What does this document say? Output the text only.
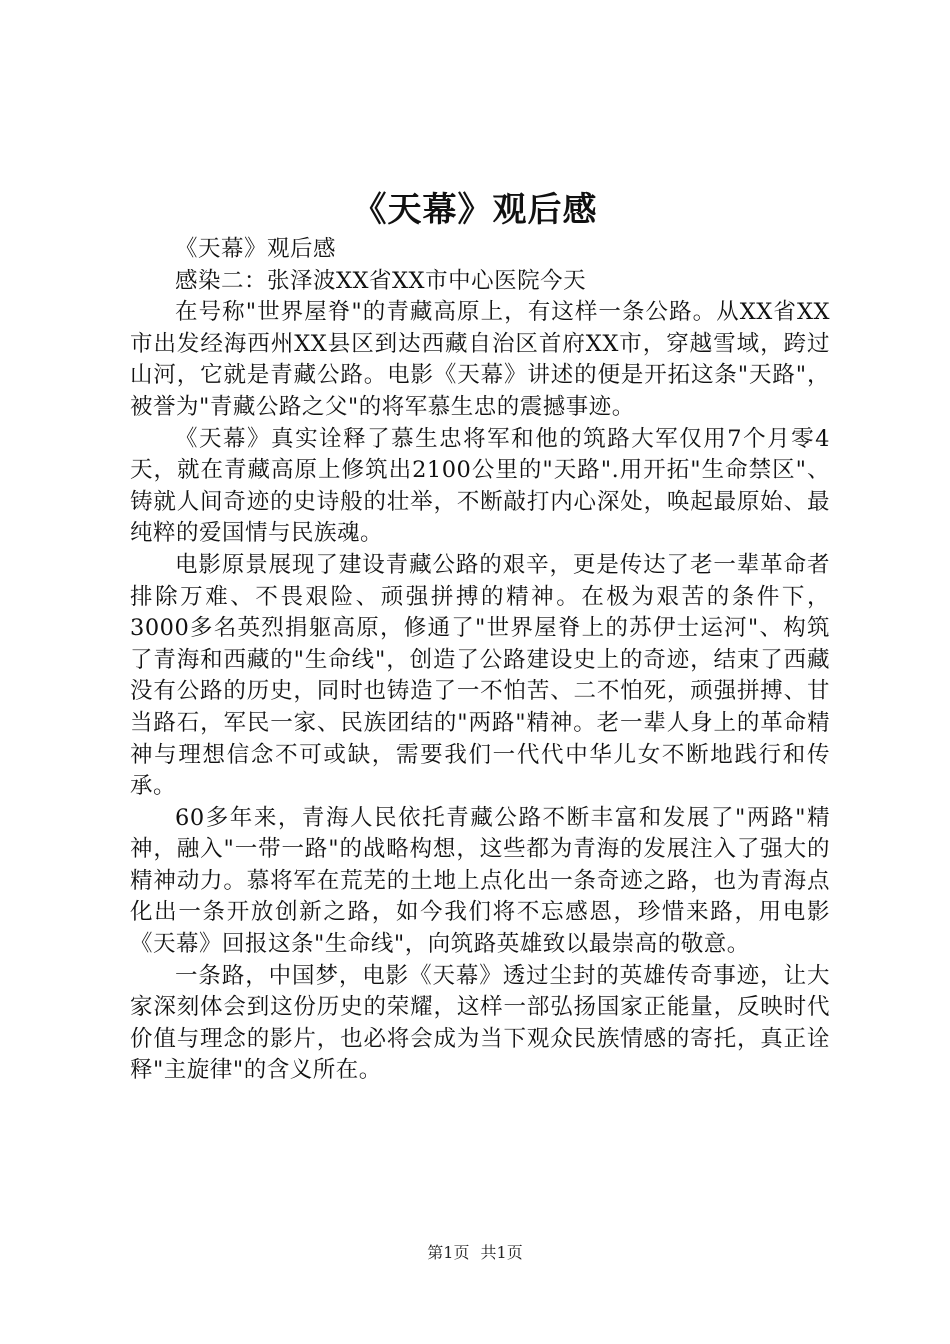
《天幕》观后感

《天幕》观后感

感染二：张泽波XX省XX市中心医院今天

在号称"世界屋脊"的青藏高原上，有这样一条公路。从XX省XX市出发经海西州XX县区到达西藏自治区首府XX市，穿越雪域，跨过山河，它就是青藏公路。电影《天幕》讲述的便是开拓这条"天路"，被誉为"青藏公路之父"的将军慕生忠的震撼事迹。

《天幕》真实诠释了慕生忠将军和他的筑路大军仅用7个月零4天，就在青藏高原上修筑出2100公里的"天路".用开拓"生命禁区"、铸就人间奇迹的史诗般的壮举，不断敲打内心深处，唤起最原始、最纯粹的爱国情与民族魂。

电影原景展现了建设青藏公路的艰辛，更是传达了老一辈革命者排除万难、不畏艰险、顽强拼搏的精神。在极为艰苦的条件下，3000多名英烈捐躯高原，修通了"世界屋脊上的苏伊士运河"、构筑了青海和西藏的"生命线"，创造了公路建设史上的奇迹，结束了西藏没有公路的历史，同时也铸造了一不怕苦、二不怕死，顽强拼搏、甘当路石，军民一家、民族团结的"两路"精神。老一辈人身上的革命精神与理想信念不可或缺，需要我们一代代中华儿女不断地践行和传承。

60多年来，青海人民依托青藏公路不断丰富和发展了"两路"精神，融入"一带一路"的战略构想，这些都为青海的发展注入了强大的精神动力。慕将军在荒芜的土地上点化出一条奇迹之路，也为青海点化出一条开放创新之路，如今我们将不忘感恩，珍惜来路，用电影《天幕》回报这条"生命线"，向筑路英雄致以最崇高的敬意。

一条路，中国梦，电影《天幕》透过尘封的英雄传奇事迹，让大家深刻体会到这份历史的荣耀，这样一部弘扬国家正能量，反映时代价值与理念的影片，也必将会成为当下观众民族情感的寄托，真正诠释"主旋律"的含义所在。

第1页 共1页
